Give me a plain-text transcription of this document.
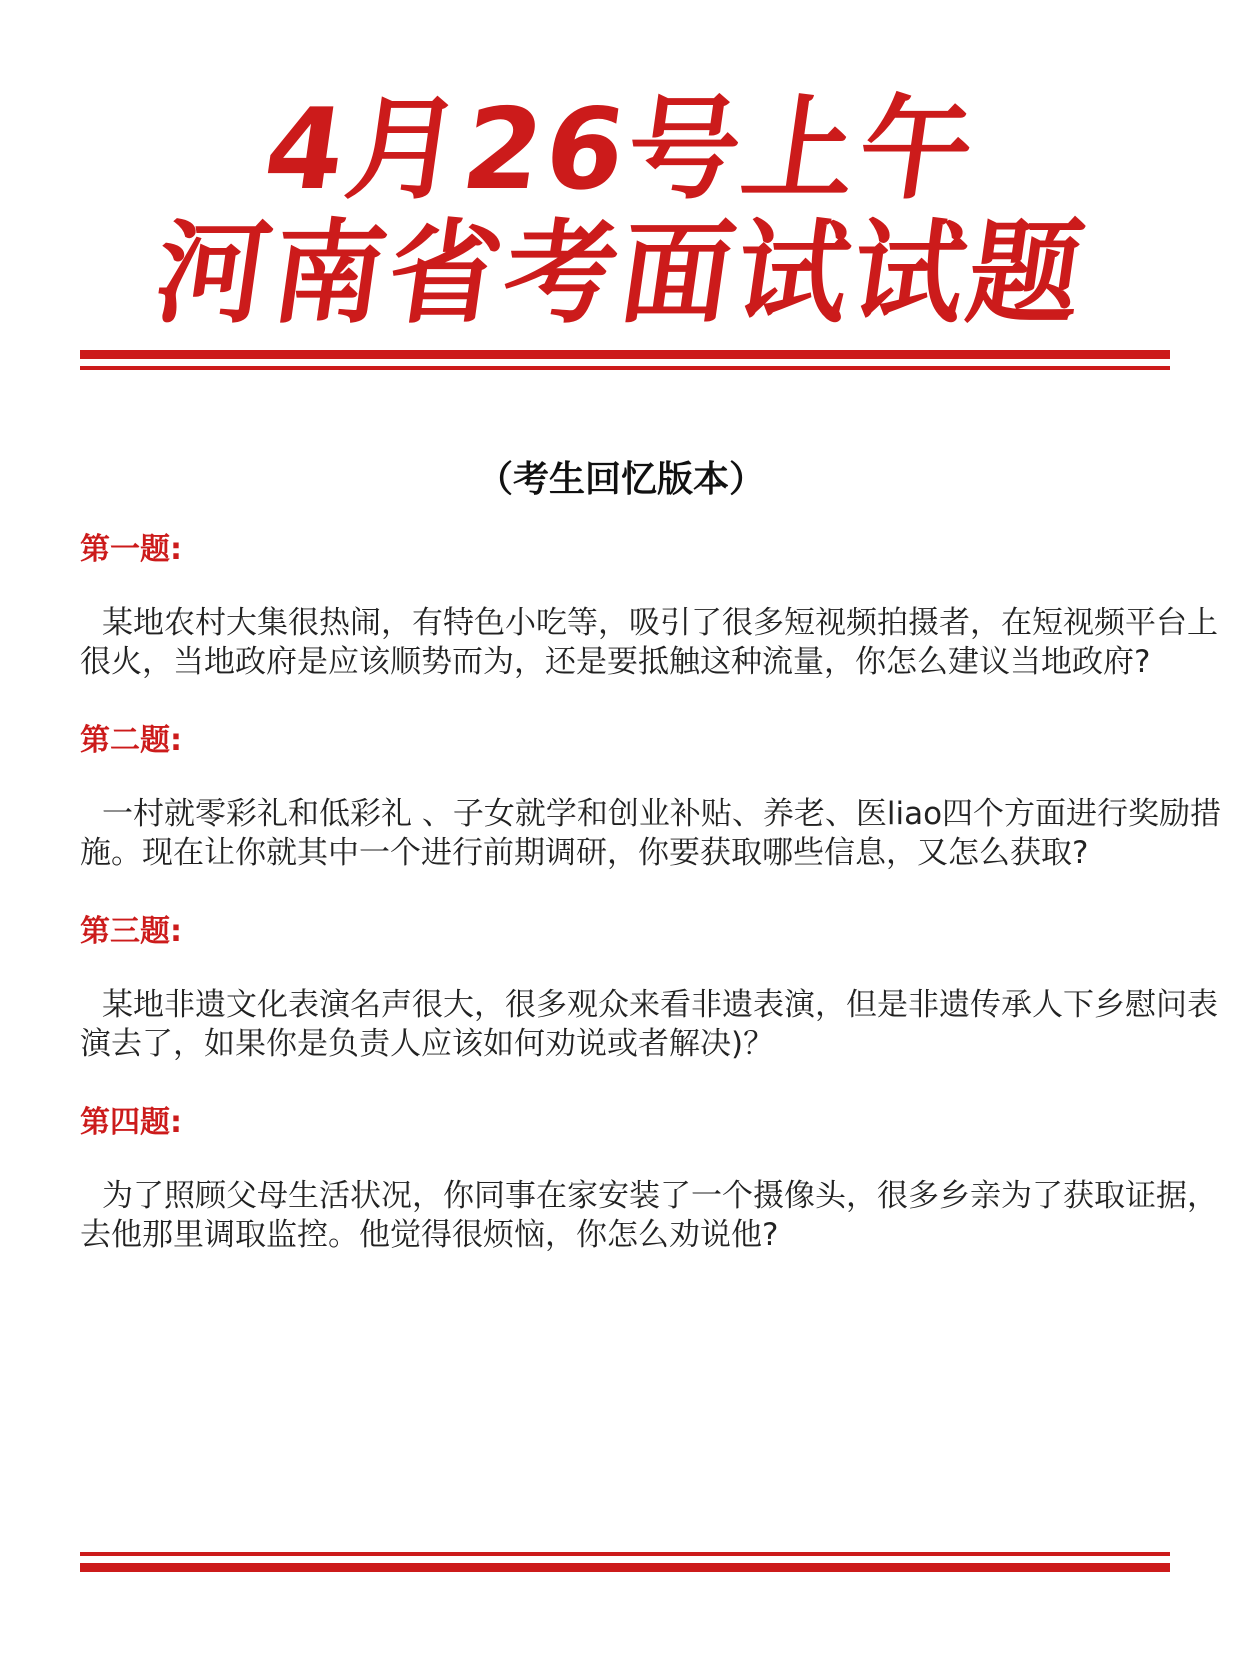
4月26号上午
河南省考面试试题
（考生回忆版本）
第一题:
某地农村大集很热闹，有特色小吃等，吸引了很多短视频拍摄者，在短视频平台上很火，当地政府是应该顺势而为，还是要抵触这种流量，你怎么建议当地政府?
第二题:
一村就零彩礼和低彩礼 、子女就学和创业补贴、养老、医liao四个方面进行奖励措施。现在让你就其中一个进行前期调研，你要获取哪些信息，又怎么获取?
第三题:
某地非遗文化表演名声很大，很多观众来看非遗表演，但是非遗传承人下乡慰问表演去了，如果你是负责人应该如何劝说或者解决)？
第四题:
为了照顾父母生活状况，你同事在家安装了一个摄像头，很多乡亲为了获取证据，去他那里调取监控。他觉得很烦恼，你怎么劝说他?
